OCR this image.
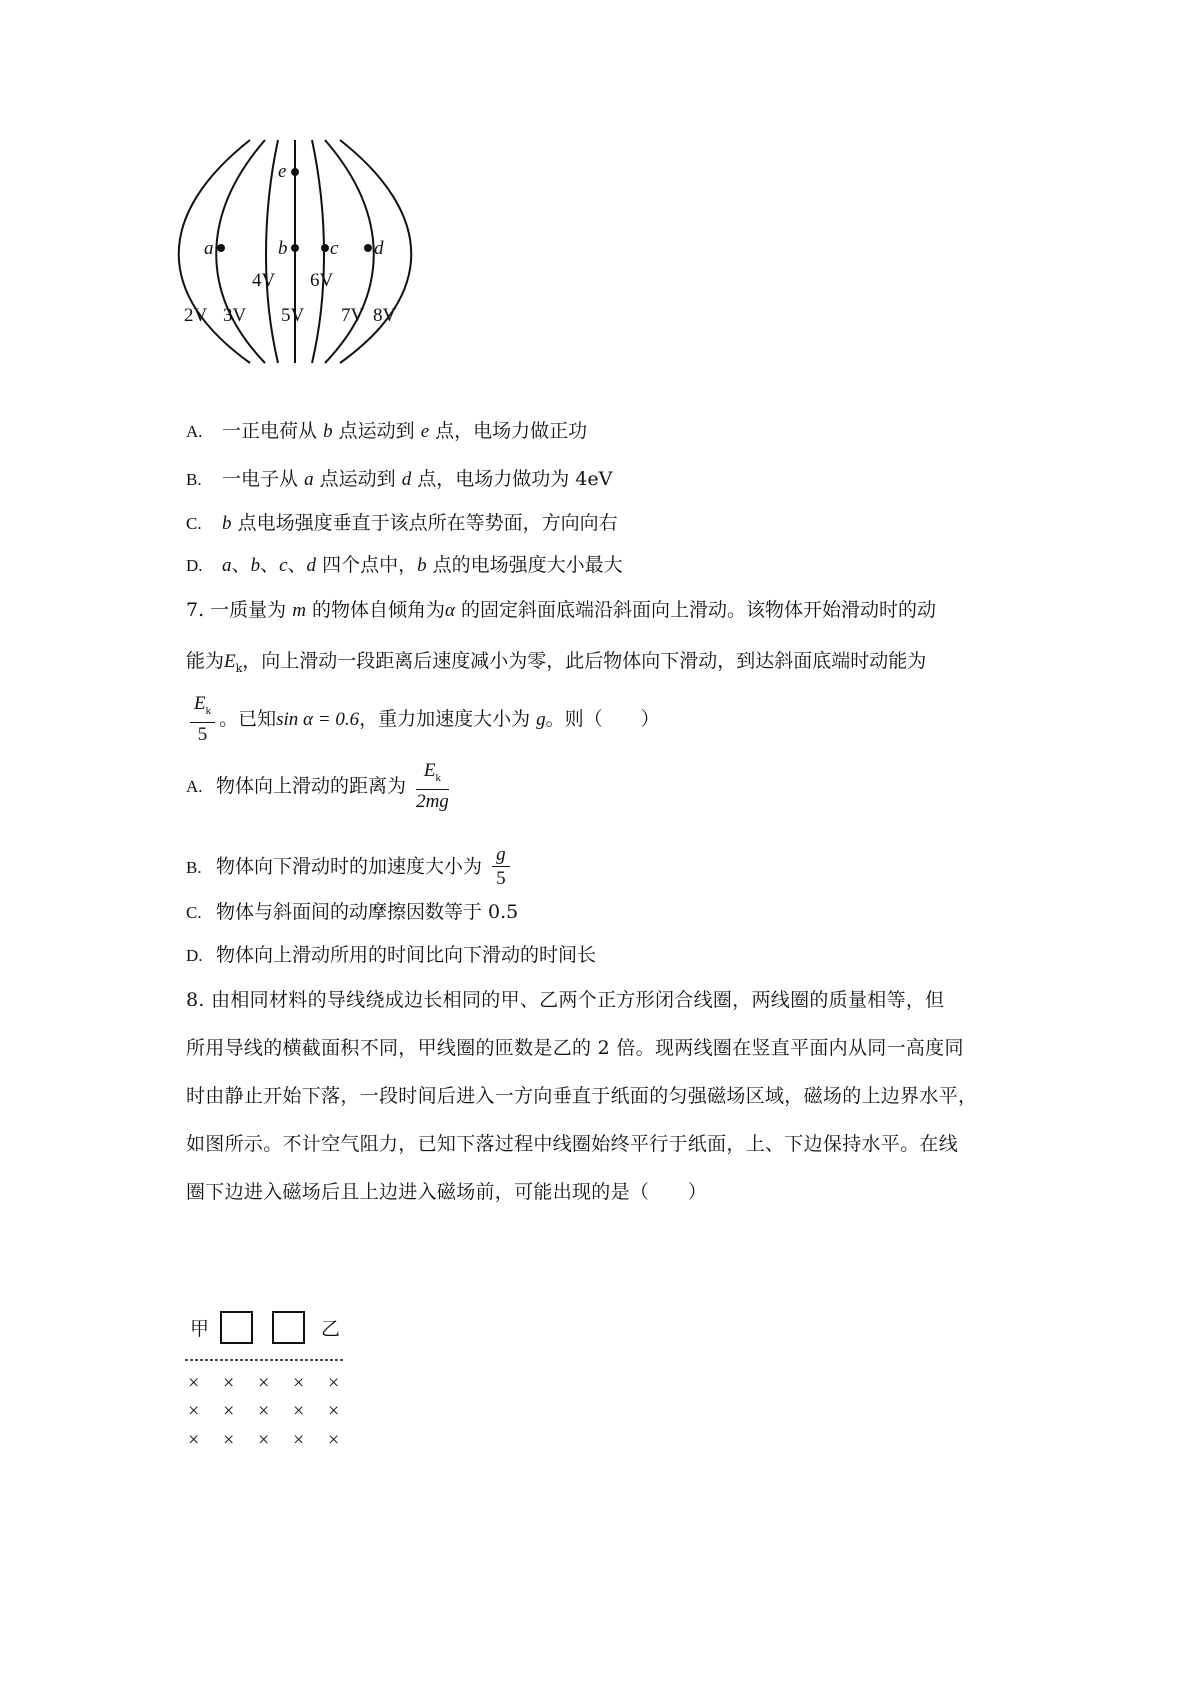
e
a	b c d
4V 6V
2V 3V 5V 7V 8V
A. 一正电荷从 b 点运动到 e 点，电场力做正功
B. 一电子从 a 点运动到 d 点，电场力做功为 4eV
C. b 点电场强度垂直于该点所在等势面，方向向右
D. a、b、c、d 四个点中，b 点的电场强度大小最大
7. 一质量为 m 的物体自倾角为α 的固定斜面底端沿斜面向上滑动。该物体开始滑动时的动
能为$E_k$，向上滑动一段距离后速度减小为零，此后物体向下滑动，到达斜面底端时动能为
$\frac{E_k}{5}$ 。已知sin α = 0.6，重力加速度大小为 g。则（　　）
A. 物体向上滑动的距离为 $\frac{E_k}{2mg}$
B. 物体向下滑动时的加速度大小为 $\frac{g}{5}$
C. 物体与斜面间的动摩擦因数等于 0.5
D. 物体向上滑动所用的时间比向下滑动的时间长
8. 由相同材料的导线绕成边长相同的甲、乙两个正方形闭合线圈，两线圈的质量相等，但
所用导线的横截面积不同，甲线圈的匝数是乙的 2 倍。现两线圈在竖直平面内从同一高度同
时由静止开始下落，一段时间后进入一方向垂直于纸面的匀强磁场区域，磁场的上边界水平，
如图所示。不计空气阻力，已知下落过程中线圈始终平行于纸面，上、下边保持水平。在线
圈下边进入磁场后且上边进入磁场前，可能出现的是（　　）
甲	乙
× × × × ×
× × × × ×
× × × × ×
